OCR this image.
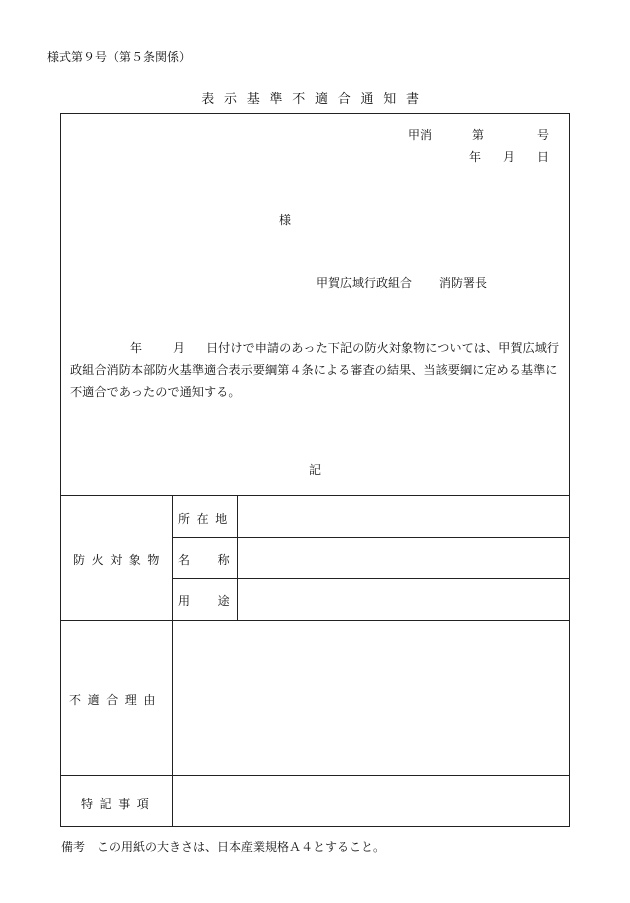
様式第９号（第５条関係）
表示基準不適合通知書
甲消	第	号
年 月 日
様
甲賀広域行政組合 消防署長
年	月 日付けで申請のあった下記の防火対象物については、甲賀広域行
政組合消防本部防火基準適合表示要綱第４条による審査の結果、当該要綱に定める基準に
不適合であったので通知する。
記
防火対象物
所在地
名称
用途
不適合理由
特記事項
備考　この用紙の大きさは、日本産業規格Ａ４とすること。
